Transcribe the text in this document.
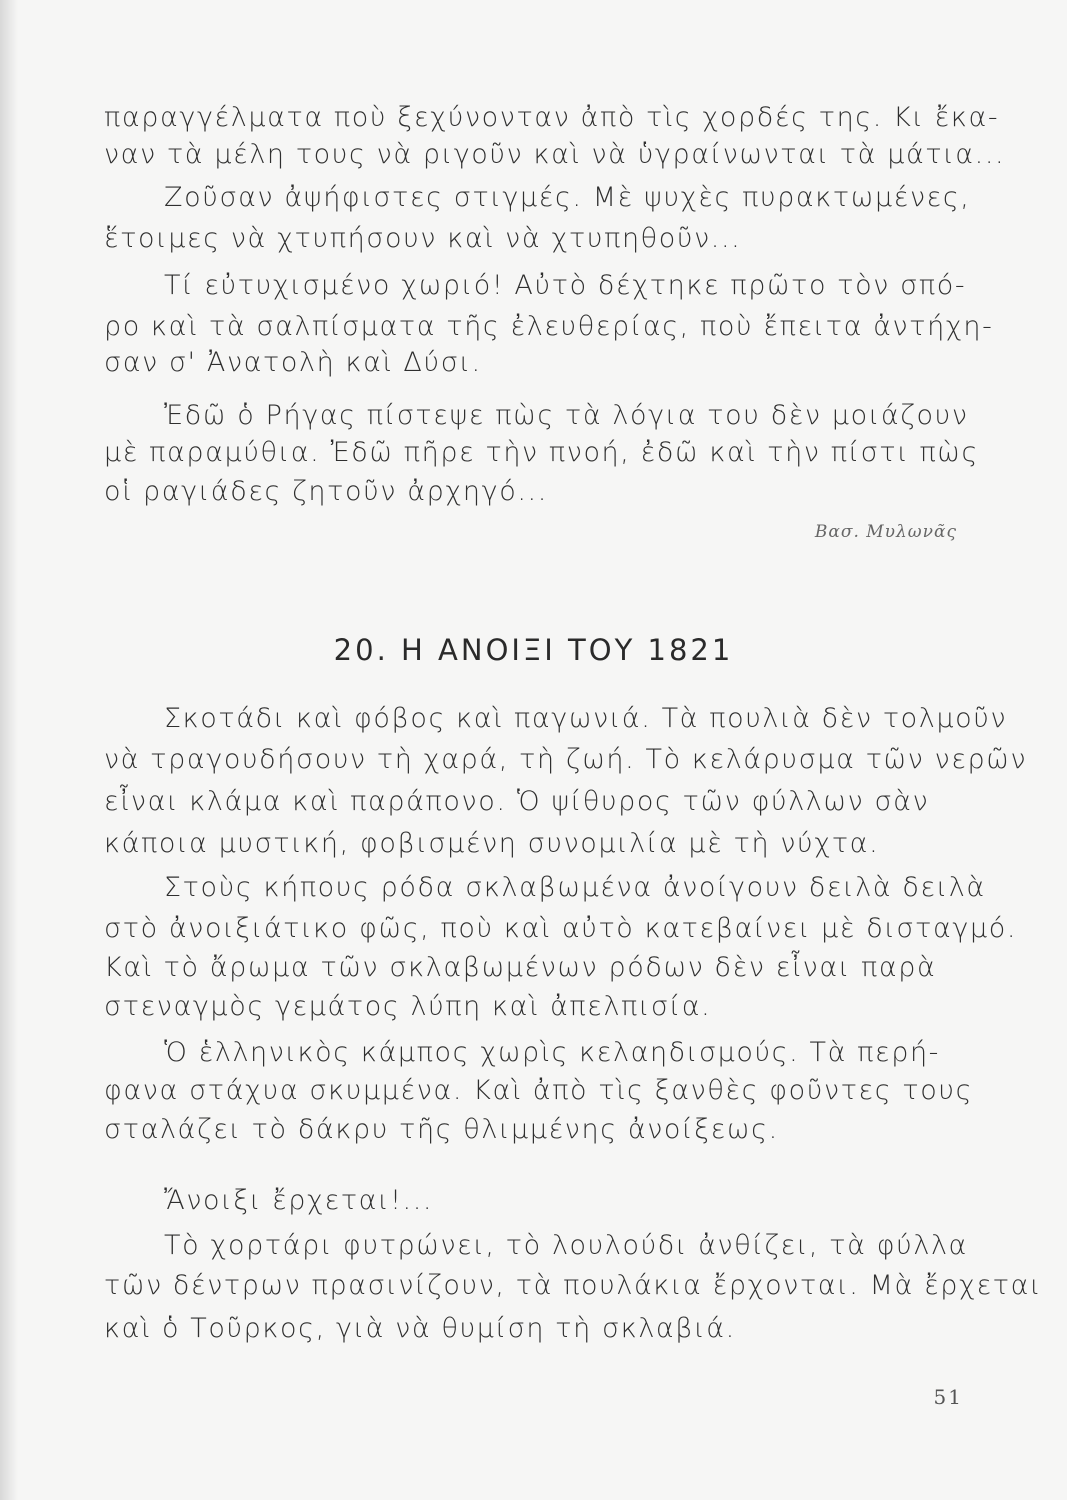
παραγγέλματα ποὺ ξεχύνονταν ἀπὸ τὶς χορδές της. Κι ἔκα-
ναν τὰ μέλη τους νὰ ριγοῦν καὶ νὰ ὑγραίνωνται τὰ μάτια...
Ζοῦσαν ἀψήφιστες στιγμές. Μὲ ψυχὲς πυρακτωμένες,
ἕτοιμες νὰ χτυπήσουν καὶ νὰ χτυπηθοῦν...
Τί εὐτυχισμένο χωριό! Αὐτὸ δέχτηκε πρῶτο τὸν σπό-
ρο καὶ τὰ σαλπίσματα τῆς ἐλευθερίας, ποὺ ἔπειτα ἀντήχη-
σαν σ' Ἀνατολὴ καὶ Δύσι.
Ἐδῶ ὁ Ρήγας πίστεψε πὼς τὰ λόγια του δὲν μοιάζουν
μὲ παραμύθια. Ἐδῶ πῆρε τὴν πνοή, ἐδῶ καὶ τὴν πίστι πὼς
οἱ ραγιάδες ζητοῦν ἀρχηγό...
Βασ. Μυλωνᾶς
20. Η ΑΝΟΙΞΙ ΤΟΥ 1821
Σκοτάδι καὶ φόβος καὶ παγωνιά. Τὰ πουλιὰ δὲν τολμοῦν
νὰ τραγουδήσουν τὴ χαρά, τὴ ζωή. Τὸ κελάρυσμα τῶν νερῶν
εἶναι κλάμα καὶ παράπονο. Ὁ ψίθυρος τῶν φύλλων σὰν
κάποια μυστική, φοβισμένη συνομιλία μὲ τὴ νύχτα.
Στοὺς κήπους ρόδα σκλαβωμένα ἀνοίγουν δειλὰ δειλὰ
στὸ ἀνοιξιάτικο φῶς, ποὺ καὶ αὐτὸ κατεβαίνει μὲ δισταγμό.
Καὶ τὸ ἄρωμα τῶν σκλαβωμένων ρόδων δὲν εἶναι παρὰ
στεναγμὸς γεμάτος λύπη καὶ ἀπελπισία.
Ὁ ἑλληνικὸς κάμπος χωρὶς κελαηδισμούς. Τὰ περή-
φανα στάχυα σκυμμένα. Καὶ ἀπὸ τὶς ξανθὲς φοῦντες τους
σταλάζει τὸ δάκρυ τῆς θλιμμένης ἀνοίξεως.
Ἄνοιξι ἔρχεται!...
Τὸ χορτάρι φυτρώνει, τὸ λουλούδι ἀνθίζει, τὰ φύλλα
τῶν δέντρων πρασινίζουν, τὰ πουλάκια ἔρχονται. Μὰ ἔρχεται
καὶ ὁ Τοῦρκος, γιὰ νὰ θυμίση τὴ σκλαβιά.
51
